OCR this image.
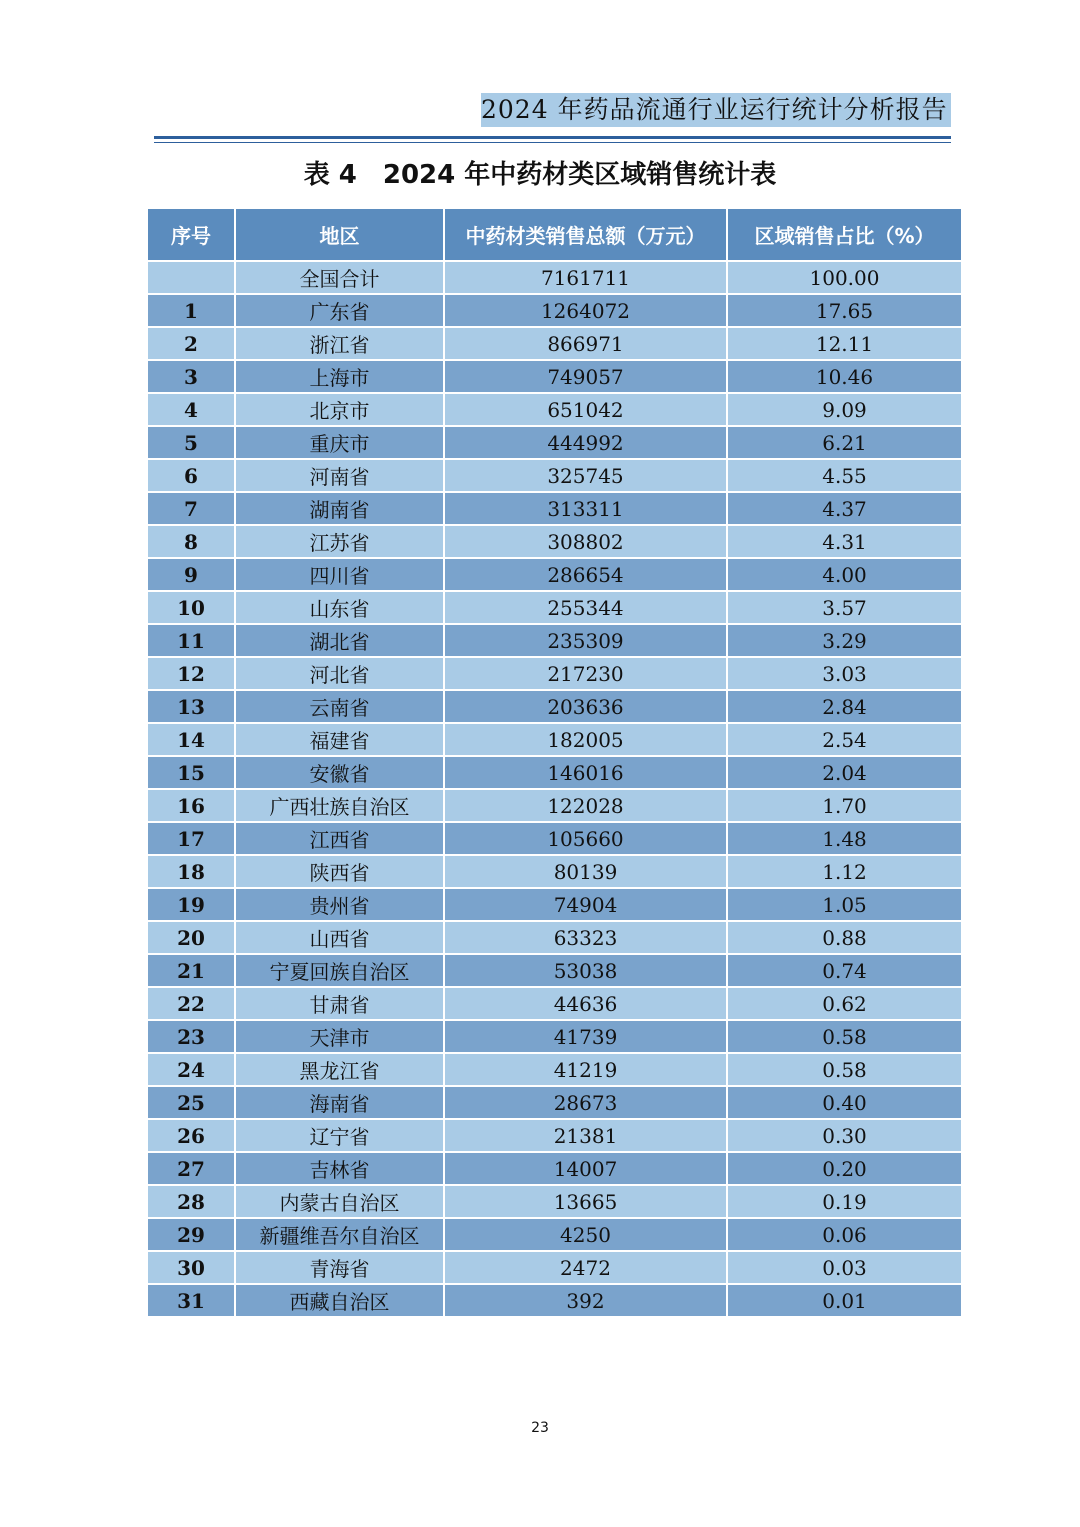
2024 年药品流通行业运行统计分析报告
表 4　2024 年中药材类区域销售统计表
序号	地区	中药材类销售总额（万元）	区域销售占比（%）
	全国合计	7161711	100.00
1	广东省	1264072	17.65
2	浙江省	866971	12.11
3	上海市	749057	10.46
4	北京市	651042	9.09
5	重庆市	444992	6.21
6	河南省	325745	4.55
7	湖南省	313311	4.37
8	江苏省	308802	4.31
9	四川省	286654	4.00
10	山东省	255344	3.57
11	湖北省	235309	3.29
12	河北省	217230	3.03
13	云南省	203636	2.84
14	福建省	182005	2.54
15	安徽省	146016	2.04
16	广西壮族自治区	122028	1.70
17	江西省	105660	1.48
18	陕西省	80139	1.12
19	贵州省	74904	1.05
20	山西省	63323	0.88
21	宁夏回族自治区	53038	0.74
22	甘肃省	44636	0.62
23	天津市	41739	0.58
24	黑龙江省	41219	0.58
25	海南省	28673	0.40
26	辽宁省	21381	0.30
27	吉林省	14007	0.20
28	内蒙古自治区	13665	0.19
29	新疆维吾尔自治区	4250	0.06
30	青海省	2472	0.03
31	西藏自治区	392	0.01
23
